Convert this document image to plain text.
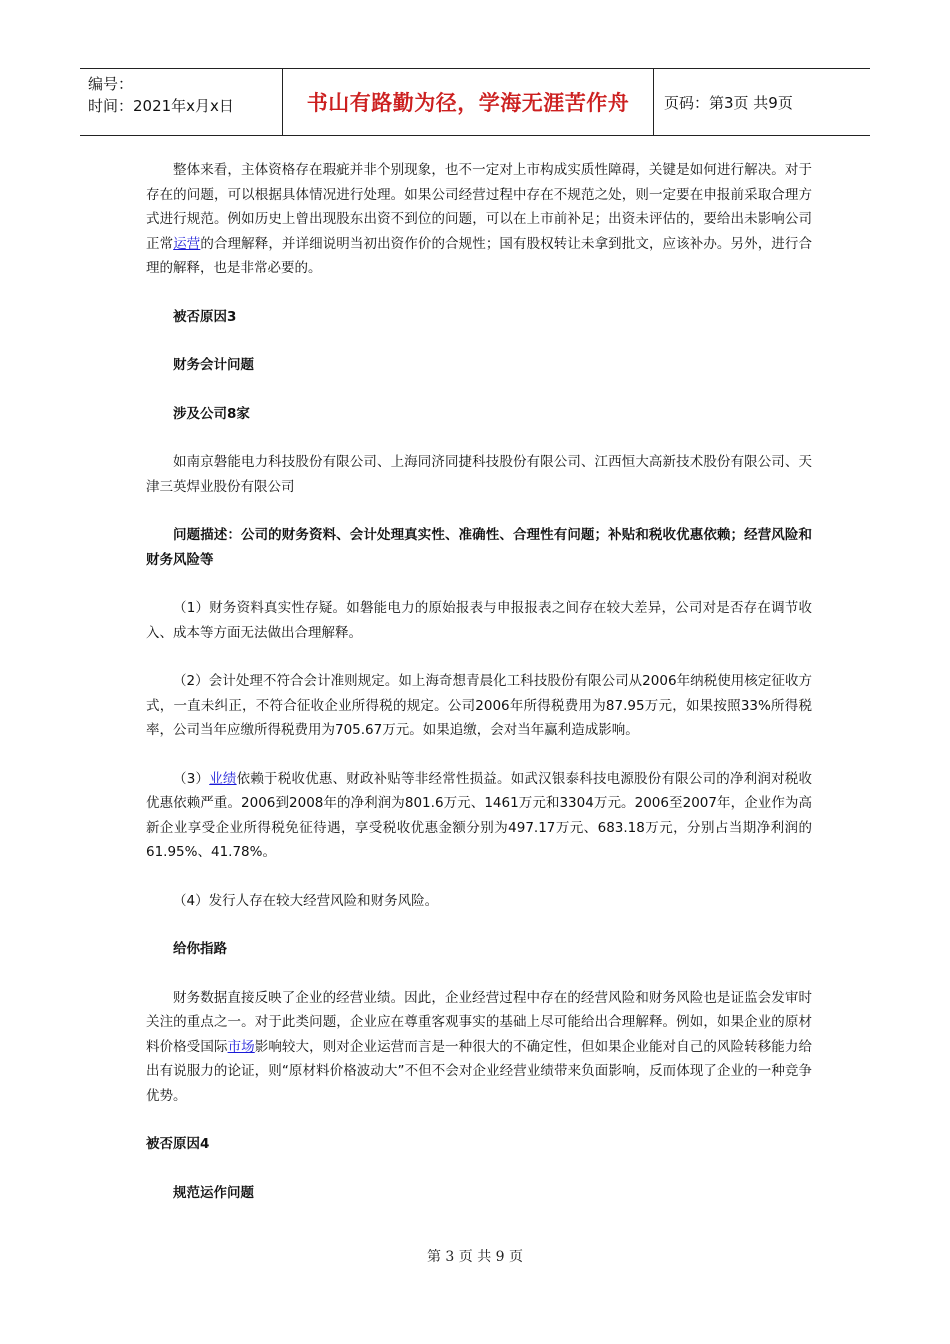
编号：
时间：2021年x月x日	书山有路勤为径，学海无涯苦作舟	页码：第3页 共9页

整体来看，主体资格存在瑕疵并非个别现象，也不一定对上市构成实质性障碍，关键是如何进行解决。对于存在的问题，可以根据具体情况进行处理。如果公司经营过程中存在不规范之处，则一定要在申报前采取合理方式进行规范。例如历史上曾出现股东出资不到位的问题，可以在上市前补足；出资未评估的，要给出未影响公司正常运营的合理解释，并详细说明当初出资作价的合规性；国有股权转让未拿到批文，应该补办。另外，进行合理的解释，也是非常必要的。

被否原因3

财务会计问题

涉及公司8家

如南京磐能电力科技股份有限公司、上海同济同捷科技股份有限公司、江西恒大高新技术股份有限公司、天津三英焊业股份有限公司

问题描述：公司的财务资料、会计处理真实性、准确性、合理性有问题；补贴和税收优惠依赖；经营风险和财务风险等

（1）财务资料真实性存疑。如磐能电力的原始报表与申报报表之间存在较大差异，公司对是否存在调节收入、成本等方面无法做出合理解释。

（2）会计处理不符合会计准则规定。如上海奇想青晨化工科技股份有限公司从2006年纳税使用核定征收方式，一直未纠正，不符合征收企业所得税的规定。公司2006年所得税费用为87.95万元，如果按照33%所得税率，公司当年应缴所得税费用为705.67万元。如果追缴，会对当年赢利造成影响。

（3）业绩依赖于税收优惠、财政补贴等非经常性损益。如武汉银泰科技电源股份有限公司的净利润对税收优惠依赖严重。2006到2008年的净利润为801.6万元、1461万元和3304万元。2006至2007年，企业作为高新企业享受企业所得税免征待遇，享受税收优惠金额分别为497.17万元、683.18万元，分别占当期净利润的61.95%、41.78%。

（4）发行人存在较大经营风险和财务风险。

给你指路

财务数据直接反映了企业的经营业绩。因此，企业经营过程中存在的经营风险和财务风险也是证监会发审时关注的重点之一。对于此类问题，企业应在尊重客观事实的基础上尽可能给出合理解释。例如，如果企业的原材料价格受国际市场影响较大，则对企业运营而言是一种很大的不确定性，但如果企业能对自己的风险转移能力给出有说服力的论证，则“原材料价格波动大”不但不会对企业经营业绩带来负面影响，反而体现了企业的一种竞争优势。

被否原因4

规范运作问题

第 3 页 共 9 页
